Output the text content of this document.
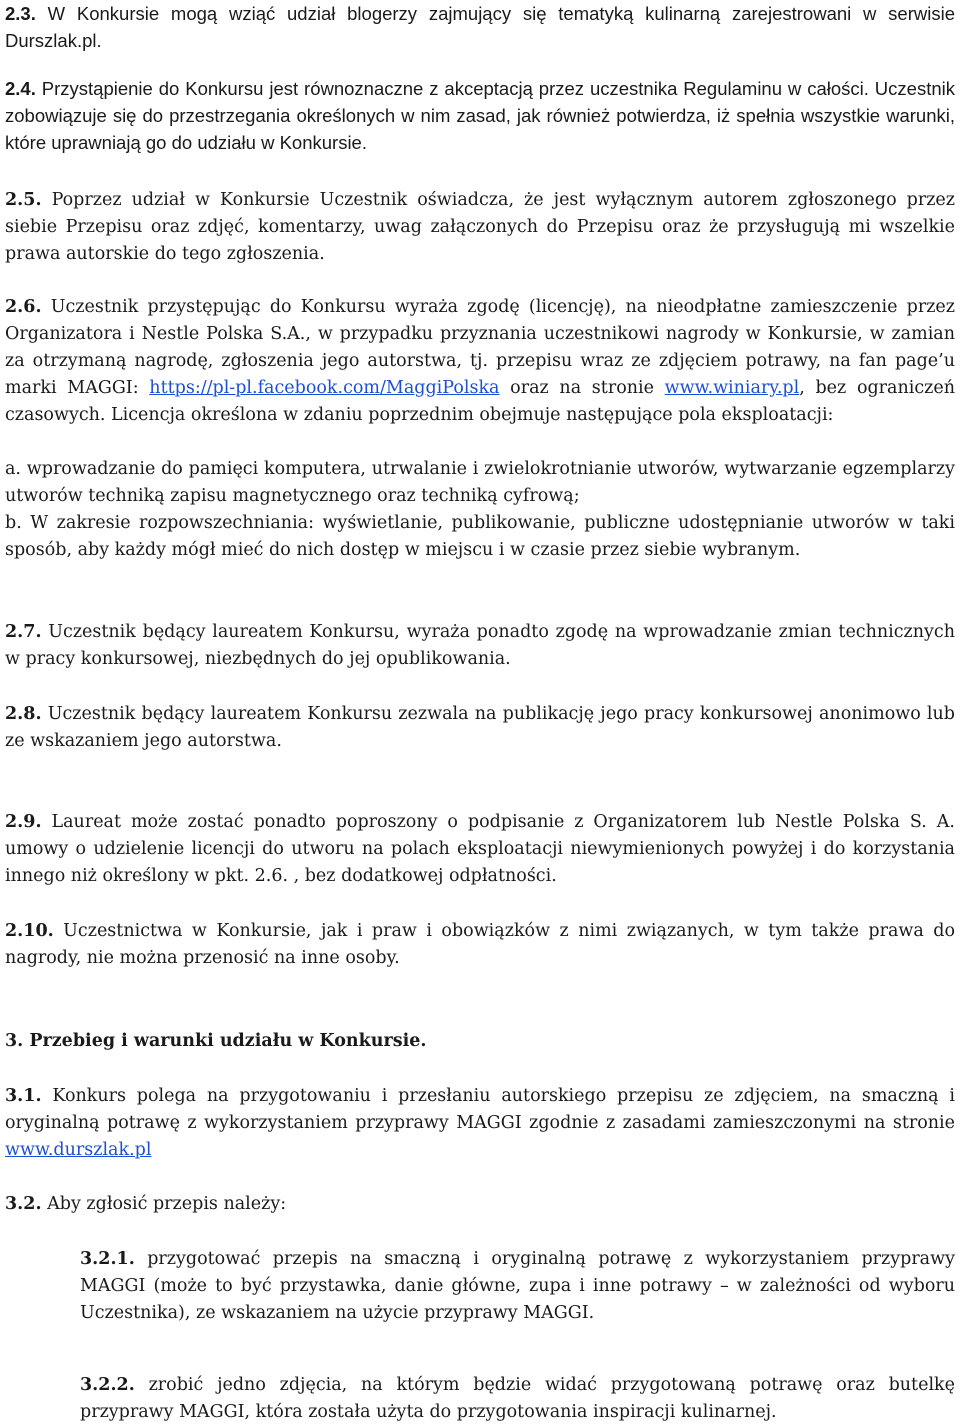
2.3. W Konkursie mogą wziąć udział blogerzy zajmujący się tematyką kulinarną zarejestrowani w serwisie Durszlak.pl.
2.4. Przystąpienie do Konkursu jest równoznaczne z akceptacją przez uczestnika Regulaminu w całości. Uczestnik zobowiązuje się do przestrzegania określonych w nim zasad, jak również potwierdza, iż spełnia wszystkie warunki, które uprawniają go do udziału w Konkursie.
2.5. Poprzez udział w Konkursie Uczestnik oświadcza, że jest wyłącznym autorem zgłoszonego przez siebie Przepisu oraz zdjęć, komentarzy, uwag załączonych do Przepisu oraz że przysługują mi wszelkie prawa autorskie do tego zgłoszenia.
2.6. Uczestnik przystępując do Konkursu wyraża zgodę (licencję), na nieodpłatne zamieszczenie przez Organizatora i Nestle Polska S.A., w przypadku przyznania uczestnikowi nagrody w Konkursie, w zamian za otrzymaną nagrodę, zgłoszenia jego autorstwa, tj. przepisu wraz ze zdjęciem potrawy, na fan page’u marki MAGGI: https://pl-pl.facebook.com/MaggiPolska oraz na stronie www.winiary.pl, bez ograniczeń czasowych. Licencja określona w zdaniu poprzednim obejmuje następujące pola eksploatacji:
a. wprowadzanie do pamięci komputera, utrwalanie i zwielokrotnianie utworów, wytwarzanie egzemplarzy utworów techniką zapisu magnetycznego oraz techniką cyfrową;
b. W zakresie rozpowszechniania: wyświetlanie, publikowanie, publiczne udostępnianie utworów w taki sposób, aby każdy mógł mieć do nich dostęp w miejscu i w czasie przez siebie wybranym.
2.7. Uczestnik będący laureatem Konkursu, wyraża ponadto zgodę na wprowadzanie zmian technicznych w pracy konkursowej, niezbędnych do jej opublikowania.
2.8. Uczestnik będący laureatem Konkursu zezwala na publikację jego pracy konkursowej anonimowo lub ze wskazaniem jego autorstwa.
2.9. Laureat może zostać ponadto poproszony o podpisanie z Organizatorem lub Nestle Polska S. A. umowy o udzielenie licencji do utworu na polach eksploatacji niewymienionych powyżej i do korzystania innego niż określony w pkt. 2.6. , bez dodatkowej odpłatności.
2.10. Uczestnictwa w Konkursie, jak i praw i obowiązków z nimi związanych, w tym także prawa do nagrody, nie można przenosić na inne osoby.
3. Przebieg i warunki udziału w Konkursie.
3.1. Konkurs polega na przygotowaniu i przesłaniu autorskiego przepisu ze zdjęciem, na smaczną i oryginalną potrawę z wykorzystaniem przyprawy MAGGI zgodnie z zasadami zamieszczonymi na stronie www.durszlak.pl
3.2. Aby zgłosić przepis należy:
3.2.1. przygotować przepis na smaczną i oryginalną potrawę z wykorzystaniem przyprawy MAGGI (może to być przystawka, danie główne, zupa i inne potrawy – w zależności od wyboru Uczestnika), ze wskazaniem na użycie przyprawy MAGGI.
3.2.2. zrobić jedno zdjęcia, na którym będzie widać przygotowaną potrawę oraz butelkę przyprawy MAGGI, która została użyta do przygotowania inspiracji kulinarnej.
